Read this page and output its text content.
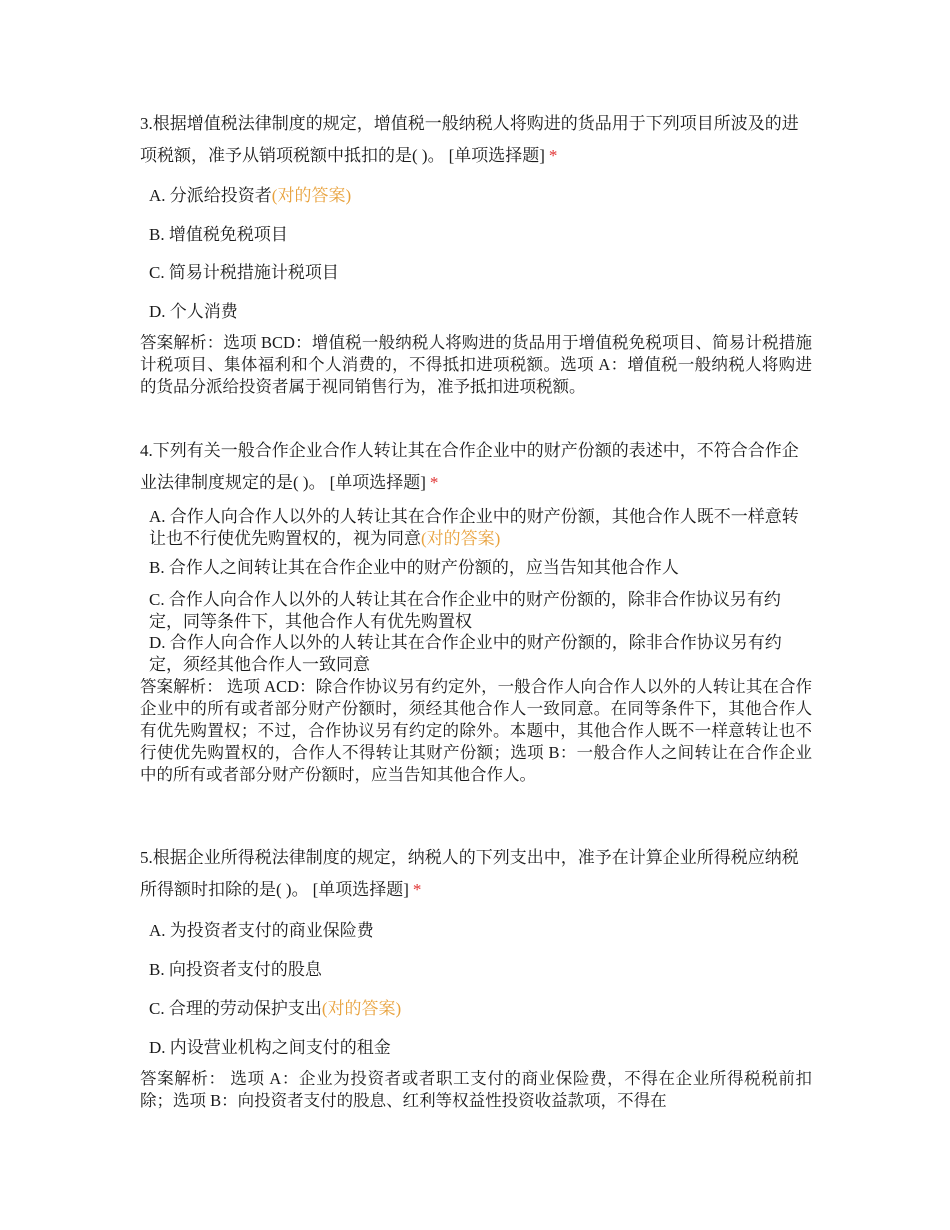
3.根据增值税法律制度的规定，增值税一般纳税人将购进的货品用于下列项目所波及的进项税额，准予从销项税额中抵扣的是( )。 [单项选择题] *

A. 分派给投资者(对的答案)

B. 增值税免税项目

C. 简易计税措施计税项目

D. 个人消费

答案解析：选项 BCD：增值税一般纳税人将购进的货品用于增值税免税项目、简易计税措施计税项目、集体福利和个人消费的，不得抵扣进项税额。选项 A：增值税一般纳税人将购进的货品分派给投资者属于视同销售行为，准予抵扣进项税额。

4.下列有关一般合作企业合作人转让其在合作企业中的财产份额的表述中，不符合合作企业法律制度规定的是( )。 [单项选择题] *

A. 合作人向合作人以外的人转让其在合作企业中的财产份额，其他合作人既不一样意转让也不行使优先购置权的，视为同意(对的答案)

B. 合作人之间转让其在合作企业中的财产份额的，应当告知其他合作人

C. 合作人向合作人以外的人转让其在合作企业中的财产份额的，除非合作协议另有约定，同等条件下，其他合作人有优先购置权

D. 合作人向合作人以外的人转让其在合作企业中的财产份额的，除非合作协议另有约定，须经其他合作人一致同意

答案解析： 选项 ACD：除合作协议另有约定外，一般合作人向合作人以外的人转让其在合作企业中的所有或者部分财产份额时，须经其他合作人一致同意。在同等条件下，其他合作人有优先购置权；不过，合作协议另有约定的除外。本题中，其他合作人既不一样意转让也不行使优先购置权的，合作人不得转让其财产份额；选项 B：一般合作人之间转让在合作企业中的所有或者部分财产份额时，应当告知其他合作人。

5.根据企业所得税法律制度的规定，纳税人的下列支出中，准予在计算企业所得税应纳税所得额时扣除的是( )。 [单项选择题] *

A. 为投资者支付的商业保险费

B. 向投资者支付的股息

C. 合理的劳动保护支出(对的答案)

D. 内设营业机构之间支付的租金

答案解析： 选项 A：企业为投资者或者职工支付的商业保险费，不得在企业所得税税前扣除；选项 B：向投资者支付的股息、红利等权益性投资收益款项，不得在
